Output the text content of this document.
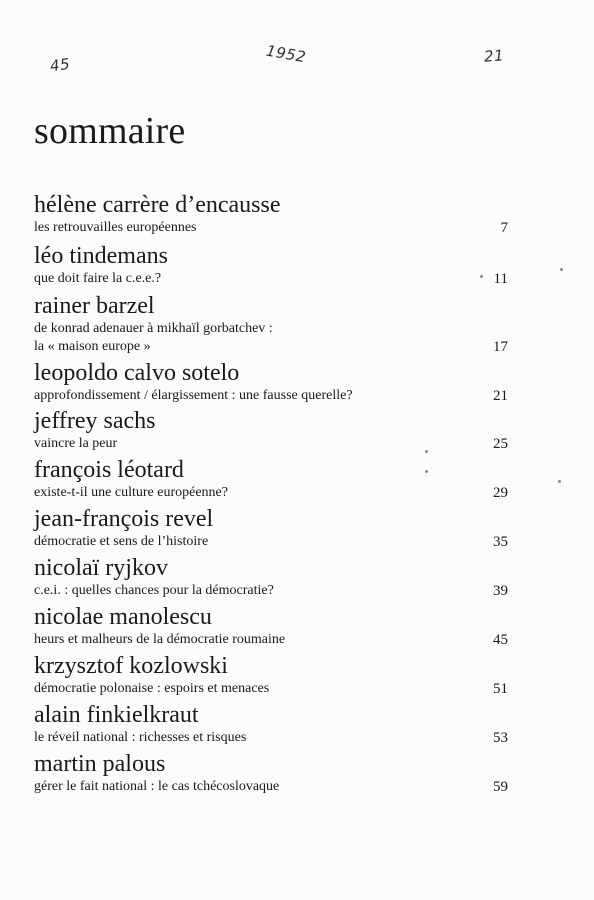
45	1952	21
sommaire
hélène carrère d’encausse
les retrouvailles européennes	7
léo tindemans
que doit faire la c.e.e.?	11
rainer barzel
de konrad adenauer à mikhaïl gorbatchev :
la « maison europe »	17
leopoldo calvo sotelo
approfondissement / élargissement : une fausse querelle?	21
jeffrey sachs
vaincre la peur	25
françois léotard
existe-t-il une culture européenne?	29
jean-françois revel
démocratie et sens de l’histoire	35
nicolaï ryjkov
c.e.i. : quelles chances pour la démocratie?	39
nicolae manolescu
heurs et malheurs de la démocratie roumaine	45
krzysztof kozlowski
démocratie polonaise : espoirs et menaces	51
alain finkielkraut
le réveil national : richesses et risques	53
martin palous
gérer le fait national : le cas tchécoslovaque	59
